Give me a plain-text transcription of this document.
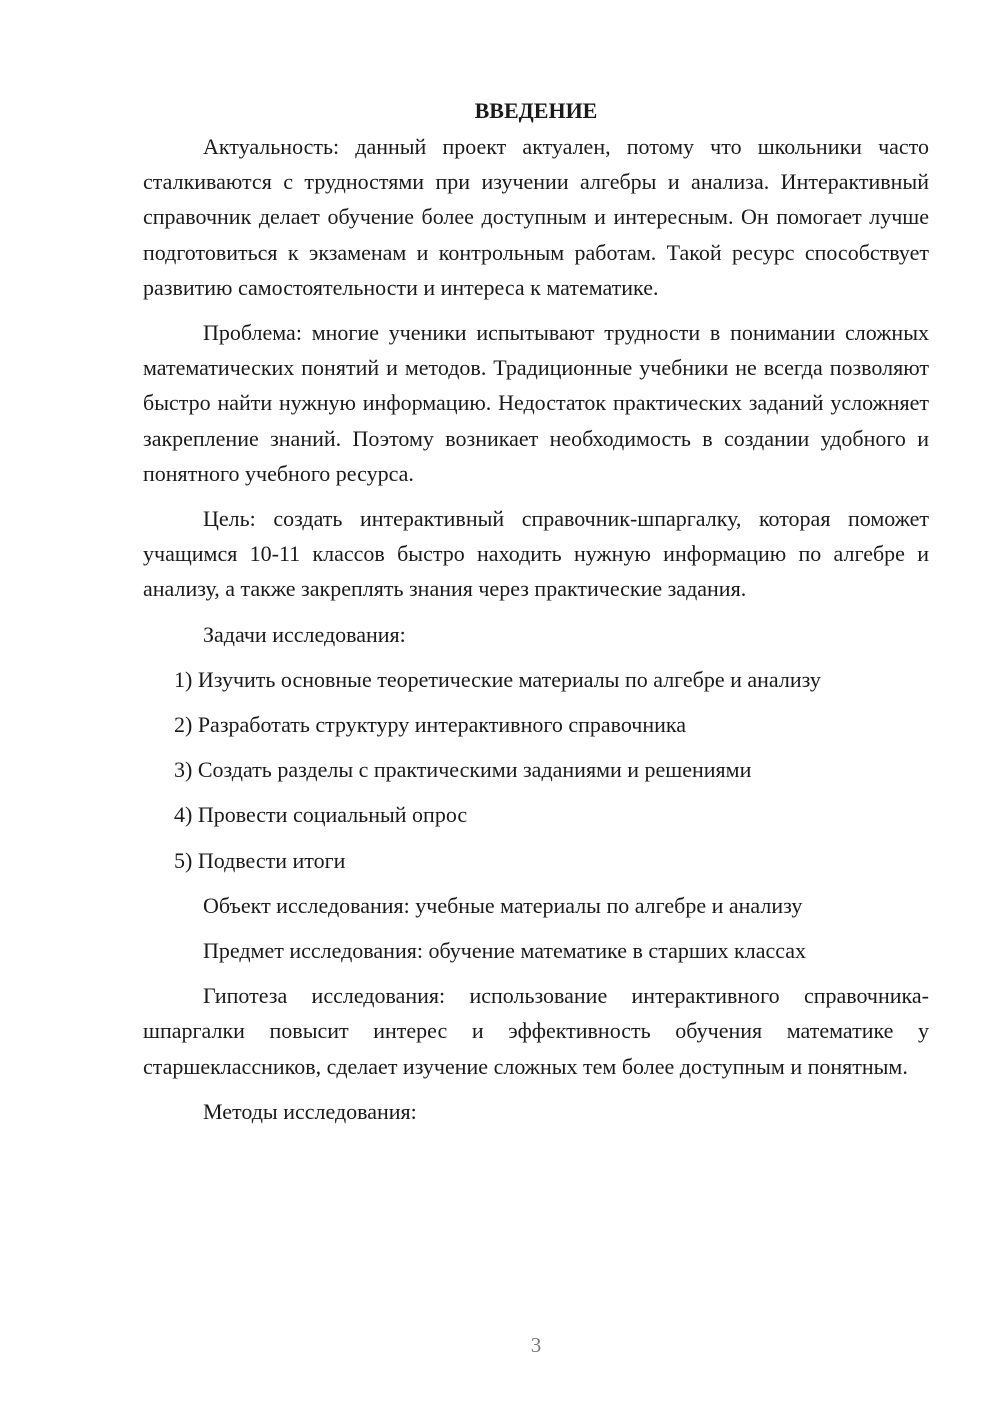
ВВЕДЕНИЕ

Актуальность: данный проект актуален, потому что школьники часто сталкиваются с трудностями при изучении алгебры и анализа. Интерактивный справочник делает обучение более доступным и интересным. Он помогает лучше подготовиться к экзаменам и контрольным работам. Такой ресурс способствует развитию самостоятельности и интереса к математике.

Проблема: многие ученики испытывают трудности в понимании сложных математических понятий и методов. Традиционные учебники не всегда позволяют быстро найти нужную информацию. Недостаток практических заданий усложняет закрепление знаний. Поэтому возникает необходимость в создании удобного и понятного учебного ресурса.

Цель: создать интерактивный справочник-шпаргалку, которая поможет учащимся 10-11 классов быстро находить нужную информацию по алгебре и анализу, а также закреплять знания через практические задания.

Задачи исследования:

1) Изучить основные теоретические материалы по алгебре и анализу

2) Разработать структуру интерактивного справочника

3) Создать разделы с практическими заданиями и решениями

4) Провести социальный опрос

5) Подвести итоги

Объект исследования: учебные материалы по алгебре и анализу

Предмет исследования: обучение математике в старших классах

Гипотеза исследования: использование интерактивного справочника-шпаргалки повысит интерес и эффективность обучения математике у старшеклассников, сделает изучение сложных тем более доступным и понятным.

Методы исследования:

3
